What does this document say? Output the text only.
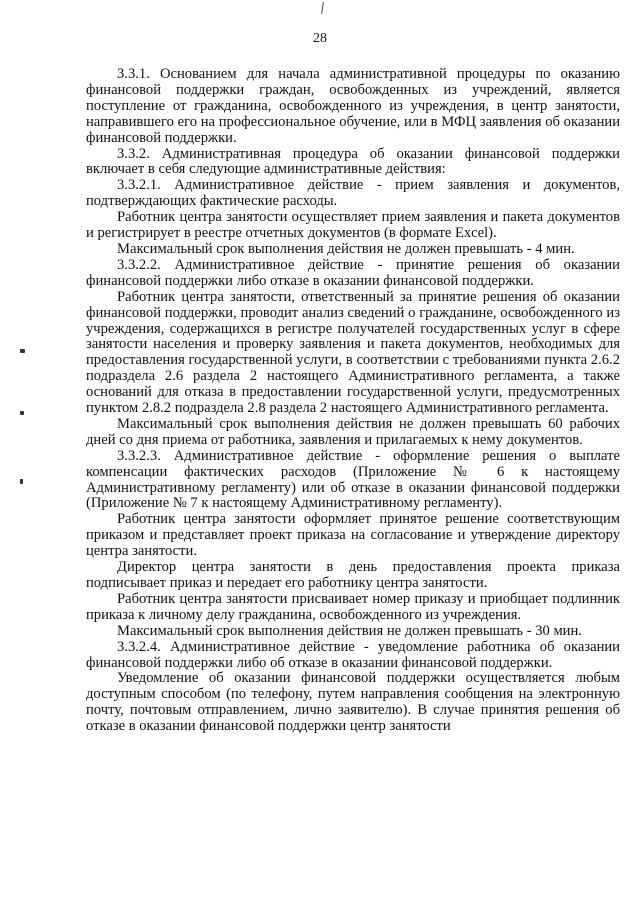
28

3.3.1. Основанием для начала административной процедуры по оказанию финансовой поддержки граждан, освобожденных из учреждений, является поступление от гражданина, освобожденного из учреждения, в центр занятости, направившего его на профессиональное обучение, или в МФЦ заявления об оказании финансовой поддержки.

3.3.2. Административная процедура об оказании финансовой поддержки включает в себя следующие административные действия:

3.3.2.1. Административное действие - прием заявления и документов, подтверждающих фактические расходы.

Работник центра занятости осуществляет прием заявления и пакета документов и регистрирует в реестре отчетных документов (в формате Excel).

Максимальный срок выполнения действия не должен превышать - 4 мин.

3.3.2.2. Административное действие - принятие решения об оказании финансовой поддержки либо отказе в оказании финансовой поддержки.

Работник центра занятости, ответственный за принятие решения об оказании финансовой поддержки, проводит анализ сведений о гражданине, освобожденного из учреждения, содержащихся в регистре получателей государственных услуг в сфере занятости населения и проверку заявления и пакета документов, необходимых для предоставления государственной услуги, в соответствии с требованиями пункта 2.6.2 подраздела 2.6 раздела 2 настоящего Административного регламента, а также оснований для отказа в предоставлении государственной услуги, предусмотренных пунктом 2.8.2 подраздела 2.8 раздела 2 настоящего Административного регламента.

Максимальный срок выполнения действия не должен превышать 60 рабочих дней со дня приема от работника, заявления и прилагаемых к нему документов.

3.3.2.3. Административное действие - оформление решения о выплате компенсации фактических расходов (Приложение № 6 к настоящему Административному регламенту) или об отказе в оказании финансовой поддержки (Приложение № 7 к настоящему Административному регламенту).

Работник центра занятости оформляет принятое решение соответствующим приказом и представляет проект приказа на согласование и утверждение директору центра занятости.

Директор центра занятости в день предоставления проекта приказа подписывает приказ и передает его работнику центра занятости.

Работник центра занятости присваивает номер приказу и приобщает подлинник приказа к личному делу гражданина, освобожденного из учреждения.

Максимальный срок выполнения действия не должен превышать - 30 мин.

3.3.2.4. Административное действие - уведомление работника об оказании финансовой поддержки либо об отказе в оказании финансовой поддержки.

Уведомление об оказании финансовой поддержки осуществляется любым доступным способом (по телефону, путем направления сообщения на электронную почту, почтовым отправлением, лично заявителю). В случае принятия решения об отказе в оказании финансовой поддержки центр занятости
